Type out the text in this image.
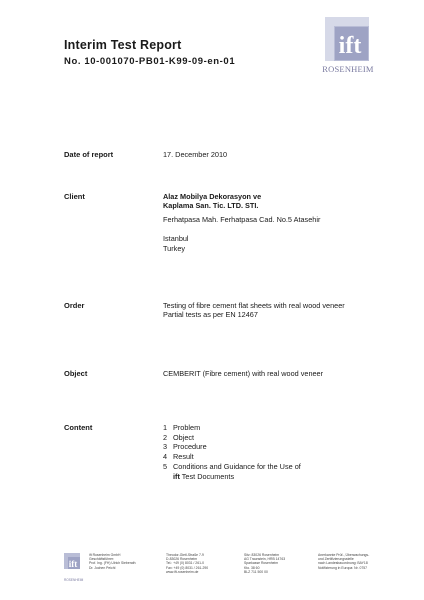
Interim Test Report
No. 10-001070-PB01-K99-09-en-01
ift
ROSENHEIM
Date of report	17. December 2010
Client	Alaz Mobilya Dekorasyon ve
Kaplama San. Tic. LTD. STI.
Ferhatpasa Mah. Ferhatpasa Cad. No.5 Atasehir
Istanbul
Turkey
Order	Testing of fibre cement flat sheets with real wood veneer
Partial tests as per EN 12467
Object	CEMBERIT (Fibre cement) with real wood veneer
Content	1 Problem
2 Object
3 Procedure
4 Result
5 Conditions and Guidance for the Use of
ift Test Documents
ift
ROSENHEIM
ift Rosenheim GmbH
Geschäftsführer:
Prof. Ing. (FH) Ulrich Sieberath
Dr. Jochen Peichl
Theodor-Gietl-Straße 7-9
D-83026 Rosenheim
Tel.: +49 (0) 8031 / 261-0
Fax: +49 (0) 8031 / 261-290
www.ift-rosenheim.de
Sitz: 83026 Rosenheim
AG Traunstein, HRB 14763
Sparkasse Rosenheim
Kto. 38 60
BLZ 711 500 00
Anerkannte Prüf-, Überwachungs-
und Zertifizierungsstelle
nach Landesbauordnung: BAY18
Notifizierung in Europa: Nr. 0757
